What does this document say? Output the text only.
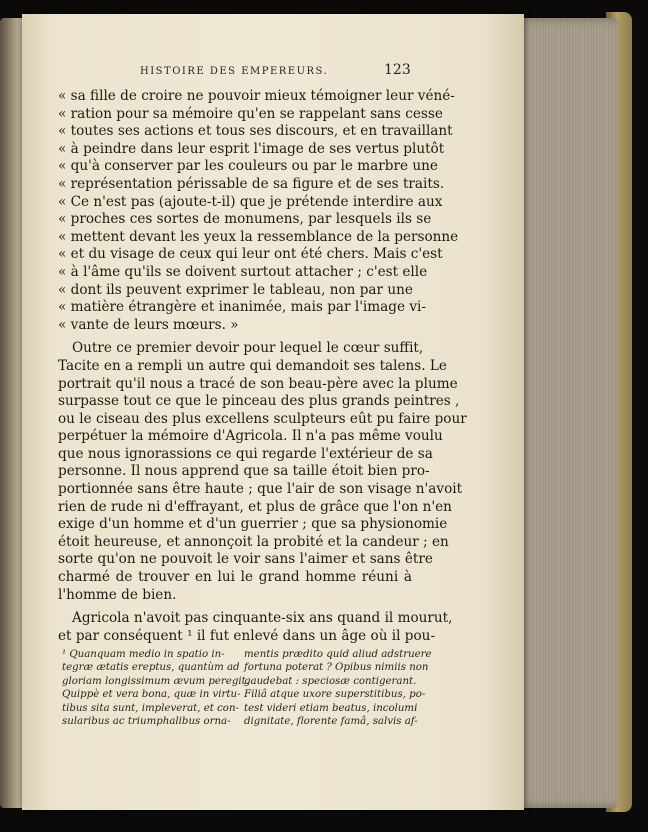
HISTOIRE DES EMPEREURS.	123
« sa fille de croire ne pouvoir mieux témoigner leur véné-
« ration pour sa mémoire qu'en se rappelant sans cesse
« toutes ses actions et tous ses discours, et en travaillant
« à peindre dans leur esprit l'image de ses vertus plutôt
« qu'à conserver par les couleurs ou par le marbre une
« représentation périssable de sa figure et de ses traits.
« Ce n'est pas (ajoute-t-il) que je prétende interdire aux
« proches ces sortes de monumens, par lesquels ils se
« mettent devant les yeux la ressemblance de la personne
« et du visage de ceux qui leur ont été chers. Mais c'est
« à l'âme qu'ils se doivent surtout attacher ; c'est elle
« dont ils peuvent exprimer le tableau, non par une
« matière étrangère et inanimée, mais par l'image vi-
« vante de leurs mœurs. »
Outre ce premier devoir pour lequel le cœur suffit,
Tacite en a rempli un autre qui demandoit ses talens. Le
portrait qu'il nous a tracé de son beau-père avec la plume
surpasse tout ce que le pinceau des plus grands peintres ,
ou le ciseau des plus excellens sculpteurs eût pu faire pour
perpétuer la mémoire d'Agricola. Il n'a pas même voulu
que nous ignorassions ce qui regarde l'extérieur de sa
personne. Il nous apprend que sa taille étoit bien pro-
portionnée sans être haute ; que l'air de son visage n'avoit
rien de rude ni d'effrayant, et plus de grâce que l'on n'en
exige d'un homme et d'un guerrier ; que sa physionomie
étoit heureuse, et annonçoit la probité et la candeur ; en
sorte qu'on ne pouvoit le voir sans l'aimer et sans être
charmé de trouver en lui le grand homme réuni à
l'homme de bien.
Agricola n'avoit pas cinquante-six ans quand il mourut,
et par conséquent ¹ il fut enlevé dans un âge où il pou-
¹ Quanquam medio in spatio in-
tegræ ætatis ereptus, quantùm ad
gloriam longissimum ævum peregit.
Quippè et vera bona, quæ in virtu-
tibus sita sunt, impleverat, et con-
sularibus ac triumphalibus orna-
mentis prædito quid aliud adstruere
fortuna poterat ? Opibus nimiis non
gaudebat : speciosæ contigerant.
Filiâ atque uxore superstitibus, po-
test videri etiam beatus, incolumi
dignitate, florente famâ, salvis af-
